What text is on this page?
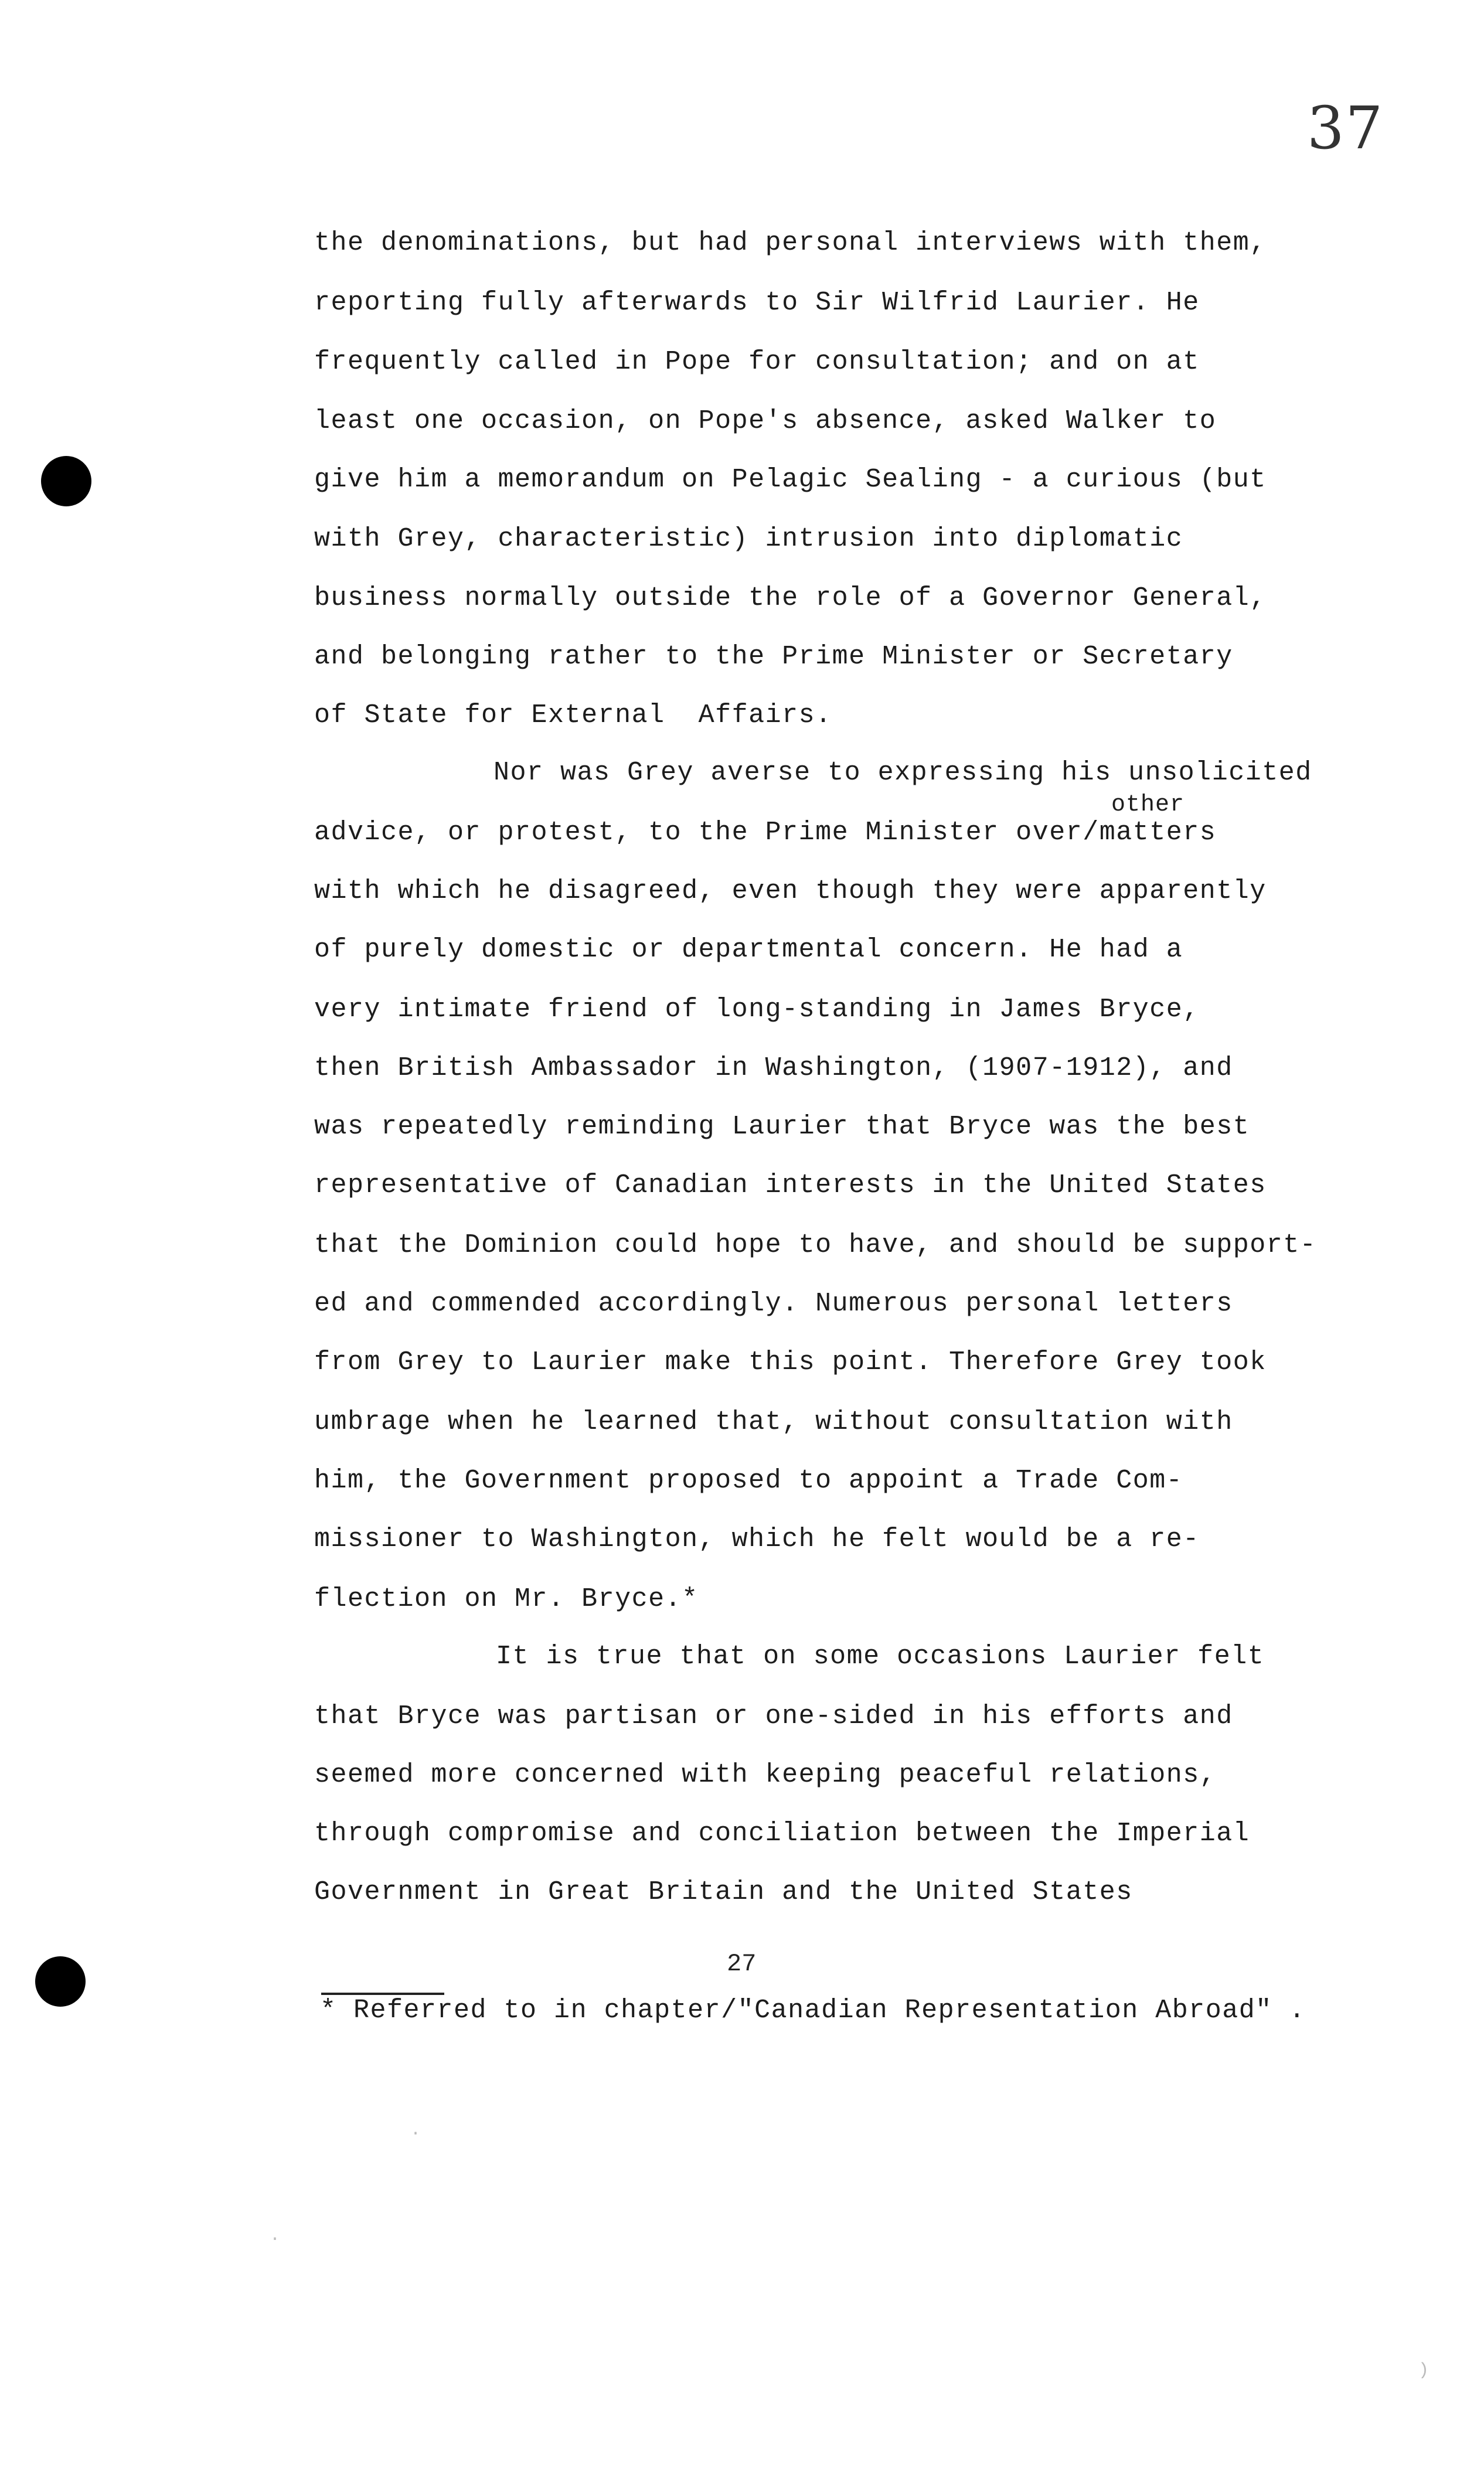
37
the denominations, but had personal interviews with them,
reporting fully afterwards to Sir Wilfrid Laurier. He
frequently called in Pope for consultation; and on at
least one occasion, on Pope's absence, asked Walker to
give him a memorandum on Pelagic Sealing - a curious (but
with Grey, characteristic) intrusion into diplomatic
business normally outside the role of a Governor General,
and belonging rather to the Prime Minister or Secretary
of State for External  Affairs.
Nor was Grey averse to expressing his unsolicited
other
advice, or protest, to the Prime Minister over/matters
with which he disagreed, even though they were apparently
of purely domestic or departmental concern. He had a
very intimate friend of long-standing in James Bryce,
then British Ambassador in Washington, (1907-1912), and
was repeatedly reminding Laurier that Bryce was the best
representative of Canadian interests in the United States
that the Dominion could hope to have, and should be support-
ed and commended accordingly. Numerous personal letters
from Grey to Laurier make this point. Therefore Grey took
umbrage when he learned that, without consultation with
him, the Government proposed to appoint a Trade Com-
missioner to Washington, which he felt would be a re-
flection on Mr. Bryce.*
It is true that on some occasions Laurier felt
that Bryce was partisan or one-sided in his efforts and
seemed more concerned with keeping peaceful relations,
through compromise and conciliation between the Imperial
Government in Great Britain and the United States
27
* Referred to in chapter/"Canadian Representation Abroad" .
.
.
)
